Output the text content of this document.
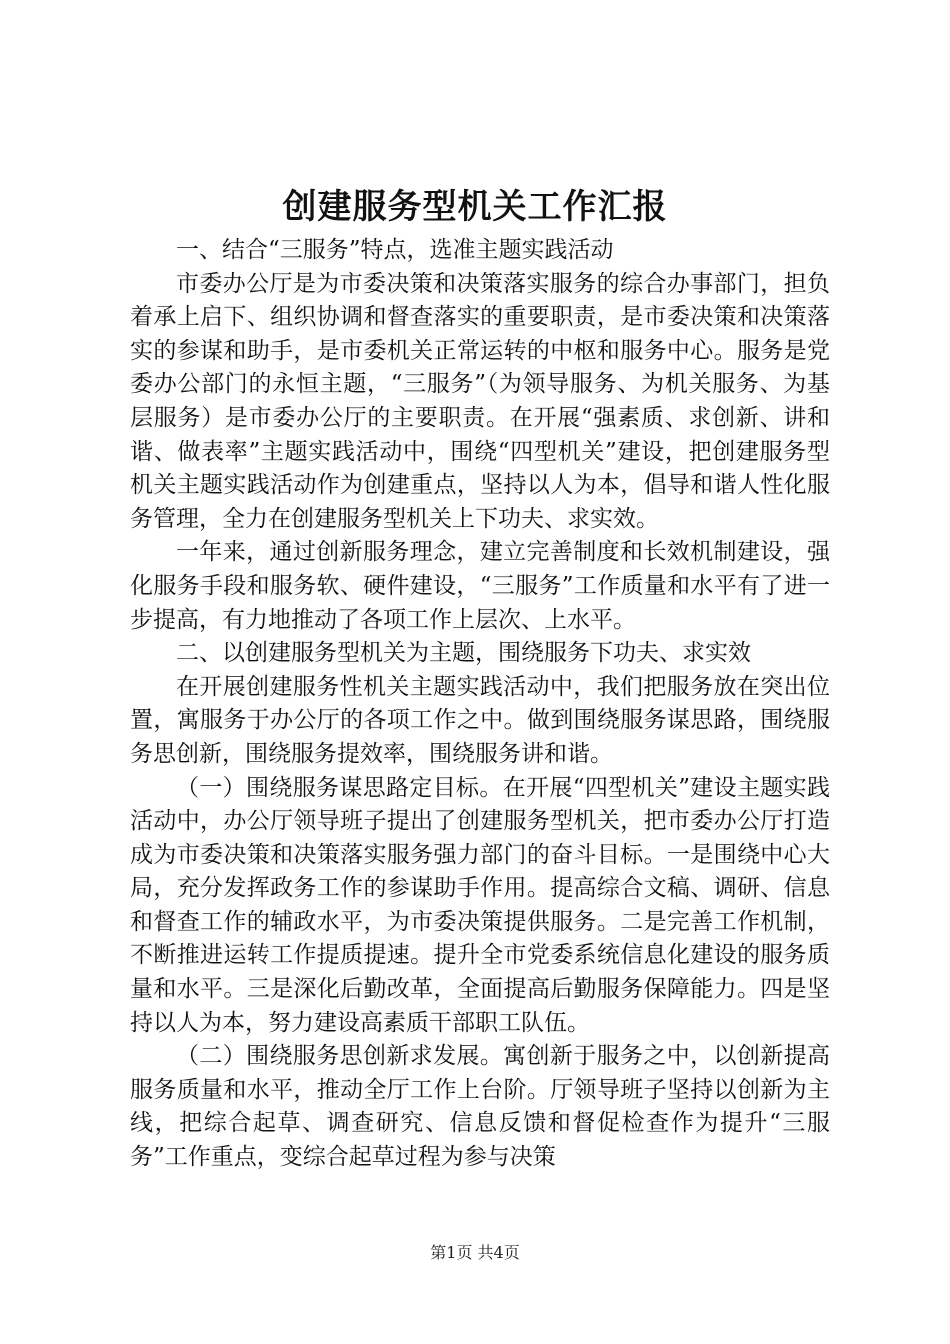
创建服务型机关工作汇报

一、结合“三服务”特点，选准主题实践活动

市委办公厅是为市委决策和决策落实服务的综合办事部门，担负着承上启下、组织协调和督查落实的重要职责，是市委决策和决策落实的参谋和助手，是市委机关正常运转的中枢和服务中心。服务是党委办公部门的永恒主题，“三服务”（为领导服务、为机关服务、为基层服务）是市委办公厅的主要职责。在开展“强素质、求创新、讲和谐、做表率”主题实践活动中，围绕“四型机关”建设，把创建服务型机关主题实践活动作为创建重点，坚持以人为本，倡导和谐人性化服务管理，全力在创建服务型机关上下功夫、求实效。

一年来，通过创新服务理念，建立完善制度和长效机制建设，强化服务手段和服务软、硬件建设，“三服务”工作质量和水平有了进一步提高，有力地推动了各项工作上层次、上水平。

二、以创建服务型机关为主题，围绕服务下功夫、求实效

在开展创建服务性机关主题实践活动中，我们把服务放在突出位置，寓服务于办公厅的各项工作之中。做到围绕服务谋思路，围绕服务思创新，围绕服务提效率，围绕服务讲和谐。

（一）围绕服务谋思路定目标。在开展“四型机关”建设主题实践活动中，办公厅领导班子提出了创建服务型机关，把市委办公厅打造成为市委决策和决策落实服务强力部门的奋斗目标。一是围绕中心大局，充分发挥政务工作的参谋助手作用。提高综合文稿、调研、信息和督查工作的辅政水平，为市委决策提供服务。二是完善工作机制，不断推进运转工作提质提速。提升全市党委系统信息化建设的服务质量和水平。三是深化后勤改革，全面提高后勤服务保障能力。四是坚持以人为本，努力建设高素质干部职工队伍。

（二）围绕服务思创新求发展。寓创新于服务之中，以创新提高服务质量和水平，推动全厅工作上台阶。厅领导班子坚持以创新为主线，把综合起草、调查研究、信息反馈和督促检查作为提升“三服务”工作重点，变综合起草过程为参与决策

第1页 共4页
